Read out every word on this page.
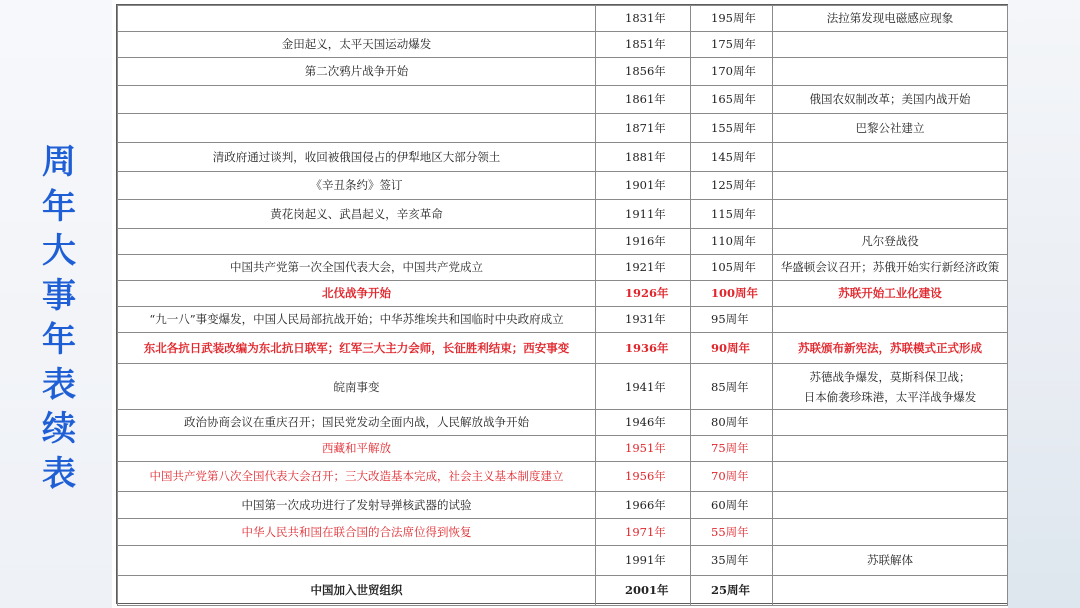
周
年
大
事
年
表
续
表
	1831年	195周年	法拉第发现电磁感应现象
金田起义，太平天国运动爆发	1851年	175周年	
第二次鸦片战争开始	1856年	170周年	
	1861年	165周年	俄国农奴制改革；美国内战开始
	1871年	155周年	巴黎公社建立
清政府通过谈判，收回被俄国侵占的伊犁地区大部分领土	1881年	145周年	
《辛丑条约》签订	1901年	125周年	
黄花岗起义、武昌起义，辛亥革命	1911年	115周年	
	1916年	110周年	凡尔登战役
中国共产党第一次全国代表大会，中国共产党成立	1921年	105周年	华盛顿会议召开；苏俄开始实行新经济政策
北伐战争开始	1926年	100周年	苏联开始工业化建设
“九一八”事变爆发，中国人民局部抗战开始；中华苏维埃共和国临时中央政府成立	1931年	95周年	
东北各抗日武装改编为东北抗日联军；红军三大主力会师，长征胜利结束；西安事变	1936年	90周年	苏联颁布新宪法，苏联模式正式形成
皖南事变	1941年	85周年	苏德战争爆发，莫斯科保卫战；
日本偷袭珍珠港，太平洋战争爆发
政治协商会议在重庆召开；国民党发动全面内战，人民解放战争开始	1946年	80周年	
西藏和平解放	1951年	75周年	
中国共产党第八次全国代表大会召开；三大改造基本完成，社会主义基本制度建立	1956年	70周年	
中国第一次成功进行了发射导弹核武器的试验	1966年	60周年	
中华人民共和国在联合国的合法席位得到恢复	1971年	55周年	
	1991年	35周年	苏联解体
中国加入世贸组织	2001年	25周年	
